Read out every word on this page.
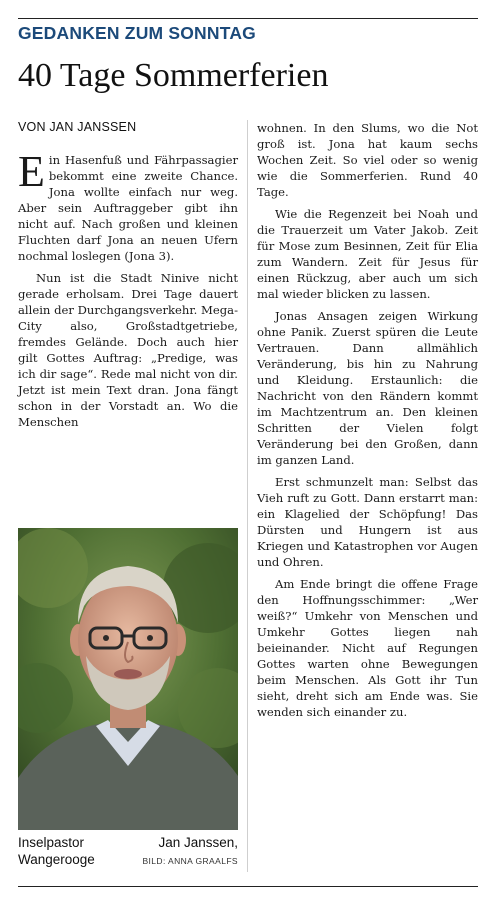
GEDANKEN ZUM SONNTAG
40 Tage Sommerferien
VON JAN JANSSEN

Ein Hasenfuß und Fährpassagier bekommt eine zweite Chance. Jona wollte einfach nur weg. Aber sein Auftraggeber gibt ihn nicht auf. Nach großen und kleinen Fluchten darf Jona an neuen Ufern nochmal loslegen (Jona 3).

Nun ist die Stadt Ninive nicht gerade erholsam. Drei Tage dauert allein der Durchgangsverkehr. Mega-City also, Großstadtgetriebe, fremdes Gelände. Doch auch hier gilt Gottes Auftrag: „Predige, was ich dir sage“. Rede mal nicht von dir. Jetzt ist mein Text dran. Jona fängt schon in der Vorstadt an. Wo die Menschen

Inselpastor	Jan Janssen,
Wangerooge	BILD: ANNA GRAALFS

wohnen. In den Slums, wo die Not groß ist. Jona hat kaum sechs Wochen Zeit. So viel oder so wenig wie die Sommerferien. Rund 40 Tage.

Wie die Regenzeit bei Noah und die Trauerzeit um Vater Jakob. Zeit für Mose zum Besinnen, Zeit für Elia zum Wandern. Zeit für Jesus für einen Rückzug, aber auch um sich mal wieder blicken zu lassen.

Jonas Ansagen zeigen Wirkung ohne Panik. Zuerst spüren die Leute Vertrauen. Dann allmählich Veränderung, bis hin zu Nahrung und Kleidung. Erstaunlich: die Nachricht von den Rändern kommt im Machtzentrum an. Den kleinen Schritten der Vielen folgt Veränderung bei den Großen, dann im ganzen Land.

Erst schmunzelt man: Selbst das Vieh ruft zu Gott. Dann erstarrt man: ein Klagelied der Schöpfung! Das Dürsten und Hungern ist aus Kriegen und Katastrophen vor Augen und Ohren.

Am Ende bringt die offene Frage den Hoffnungsschimmer: „Wer weiß?“ Umkehr von Menschen und Umkehr Gottes liegen nah beieinander. Nicht auf Regungen Gottes warten ohne Bewegungen beim Menschen. Als Gott ihr Tun sieht, dreht sich am Ende was. Sie wenden sich einander zu.
